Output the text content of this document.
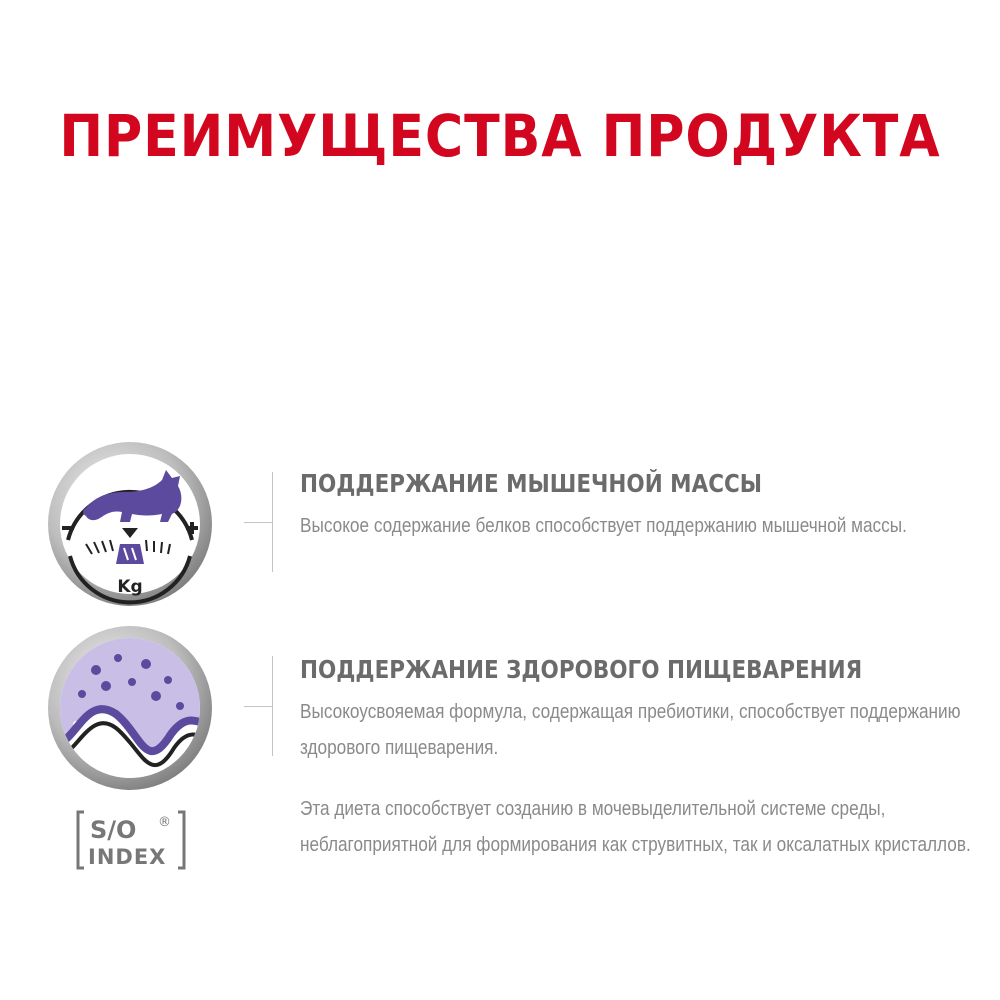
ПРЕИМУЩЕСТВА ПРОДУКТА
Kg
ПОДДЕРЖАНИЕ МЫШЕЧНОЙ МАССЫ
Высокое содержание белков способствует поддержанию мышечной массы.
ПОДДЕРЖАНИЕ ЗДОРОВОГО ПИЩЕВАРЕНИЯ
Высокоусвояемая формула, содержащая пребиотики, способствует поддержанию здорового пищеварения.
S/O ®
INDEX
Эта диета способствует созданию в мочевыделительной системе среды, неблагоприятной для формирования как струвитных, так и оксалатных кристаллов.
